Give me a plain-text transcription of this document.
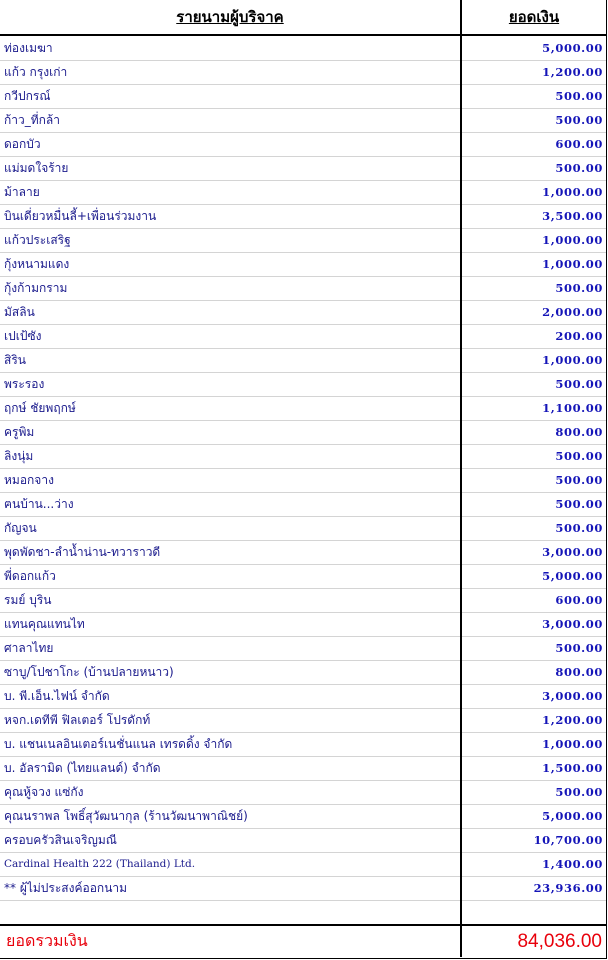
รายนามผู้บริจาค	ยอดเงิน
ท่องเมฆา	5,000.00
แก้ว กรุงเก่า	1,200.00
กวีปกรณ์	500.00
ก้าว_ที่กล้า	500.00
ดอกบัว	600.00
แม่มดใจร้าย	500.00
ม้าลาย	1,000.00
บินเดี่ยวหมื่นลี้+เพื่อนร่วมงาน	3,500.00
แก้วประเสริฐ	1,000.00
กุ้งหนามแดง	1,000.00
กุ้งก้ามกราม	500.00
มัสลิน	2,000.00
เปเป้ซัง	200.00
สิริน	1,000.00
พระรอง	500.00
ฤกษ์ ชัยพฤกษ์	1,100.00
ครูพิม	800.00
ลิงนุ่ม	500.00
หมอกจาง	500.00
ฅนบ้าน...ว่าง	500.00
กัญจน	500.00
พุดพัดชา-ลำน้ำน่าน-ทวาราวดี	3,000.00
พี่ดอกแก้ว	5,000.00
รมย์ บุริน	600.00
แทนคุณแทนไท	3,000.00
ศาลาไทย	500.00
ซาบู/โปชาโกะ (บ้านปลายหนาว)	800.00
บ. พี.เอ็น.ไฟน์ จำกัด	3,000.00
หจก.เดทีพี ฟิลเตอร์ โปรดักท์	1,200.00
บ. แชนเนลอินเตอร์เนชั่นแนล เทรดดิ้ง จำกัด	1,000.00
บ. อัลรามิด (ไทยแลนด์) จำกัด	1,500.00
คุณหู้จวง แซ่กัง	500.00
คุณนราพล โพธิ์สุวัฒนากุล (ร้านวัฒนาพาณิชย์)	5,000.00
ครอบครัวสินเจริญมณี	10,700.00
Cardinal Health 222 (Thailand) Ltd.	1,400.00
** ผู้ไม่ประสงค์ออกนาม	23,936.00
ยอดรวมเงิน	84,036.00
